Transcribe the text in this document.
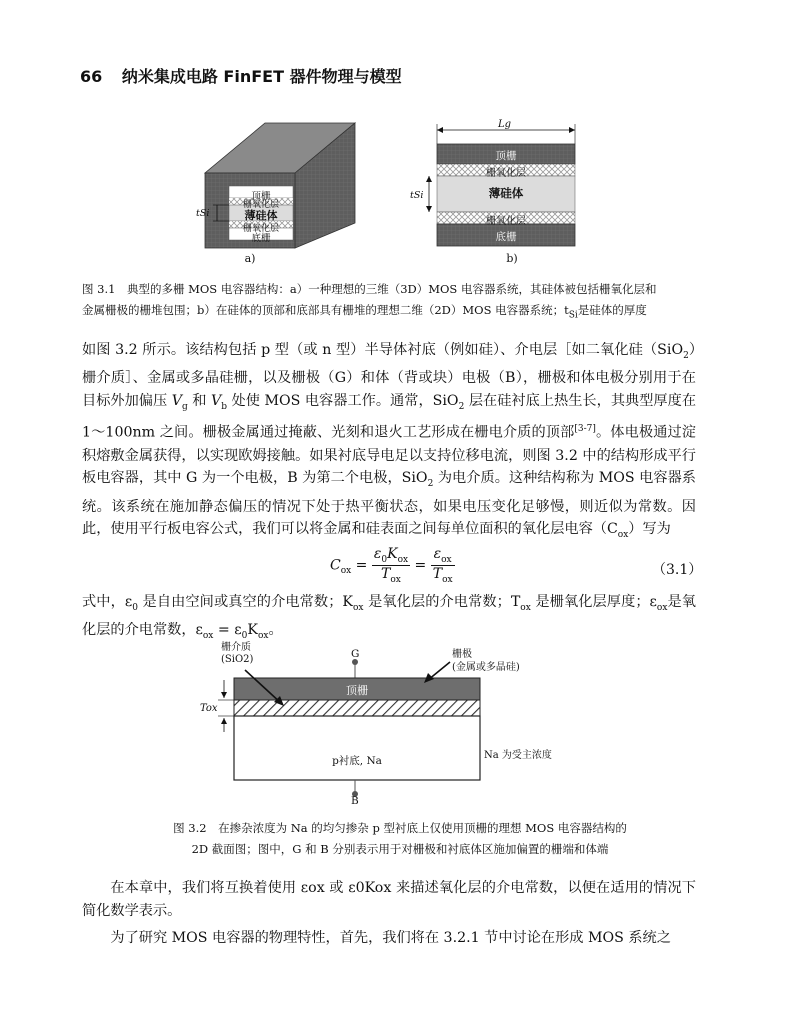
66 纳米集成电路 FinFET 器件物理与模型
顶栅
栅氧化层
薄硅体
栅氧化层
底栅
tSi
a)
Lg
顶栅
栅氧化层
薄硅体
栅氧化层
底栅
tSi
b)
图 3.1　典型的多栅 MOS 电容器结构：a）一种理想的三维（3D）MOS 电容器系统，其硅体被包括栅氧化层和
金属栅极的栅堆包围；b）在硅体的顶部和底部具有栅堆的理想二维（2D）MOS 电容器系统；$t_{Si}$是硅体的厚度

如图 3.2 所示。该结构包括 p 型（或 n 型）半导体衬底（例如硅）、介电层［如二氧化硅（SiO$_2$）栅介质］、金属或多晶硅栅，以及栅极（G）和体（背或块）电极（B），栅极和体电极分别用于在目标外加偏压 $V_g$ 和 $V_b$ 处使 MOS 电容器工作。通常，SiO$_2$ 层在硅衬底上热生长，其典型厚度在 1～100nm 之间。栅极金属通过掩蔽、光刻和退火工艺形成在栅电介质的顶部[3-7]。体电极通过淀积熔敷金属获得，以实现欧姆接触。如果衬底导电足以支持位移电流，则图 3.2 中的结构形成平行板电容器，其中 G 为一个电极，B 为第二个电极，SiO$_2$ 为电介质。这种结构称为 MOS 电容器系统。该系统在施加静态偏压的情况下处于热平衡状态，如果电压变化足够慢，则近似为常数。因此，使用平行板电容公式，我们可以将金属和硅表面之间每单位面积的氧化层电容$(C_{ox})$写为

$C_{ox} = \frac{\varepsilon_0K_{ox}}{T_{ox}} = \frac{\varepsilon_{ox}}{T_{ox}}$	（3.1）

式中，$\varepsilon_0$ 是自由空间或真空的介电常数；$K_{ox}$ 是氧化层的介电常数；$T_{ox}$ 是栅氧化层厚度；$\varepsilon_{ox}$是氧化层的介电常数，$\varepsilon_{ox} = \varepsilon_0K_{ox}$。

栅介质
(SiO2)	G	栅极
(金属或多晶硅)
顶栅
Tox
p衬底, Na	Na 为受主浓度
B
图 3.2　在掺杂浓度为 Na 的均匀掺杂 p 型衬底上仅使用顶栅的理想 MOS 电容器结构的
2D 截面图；图中，G 和 B 分别表示用于对栅极和衬底体区施加偏置的栅端和体端

在本章中，我们将互换着使用 εox 或 ε0Kox 来描述氧化层的介电常数，以便在适用的情况下简化数学表示。

为了研究 MOS 电容器的物理特性，首先，我们将在 3.2.1 节中讨论在形成 MOS 系统之
